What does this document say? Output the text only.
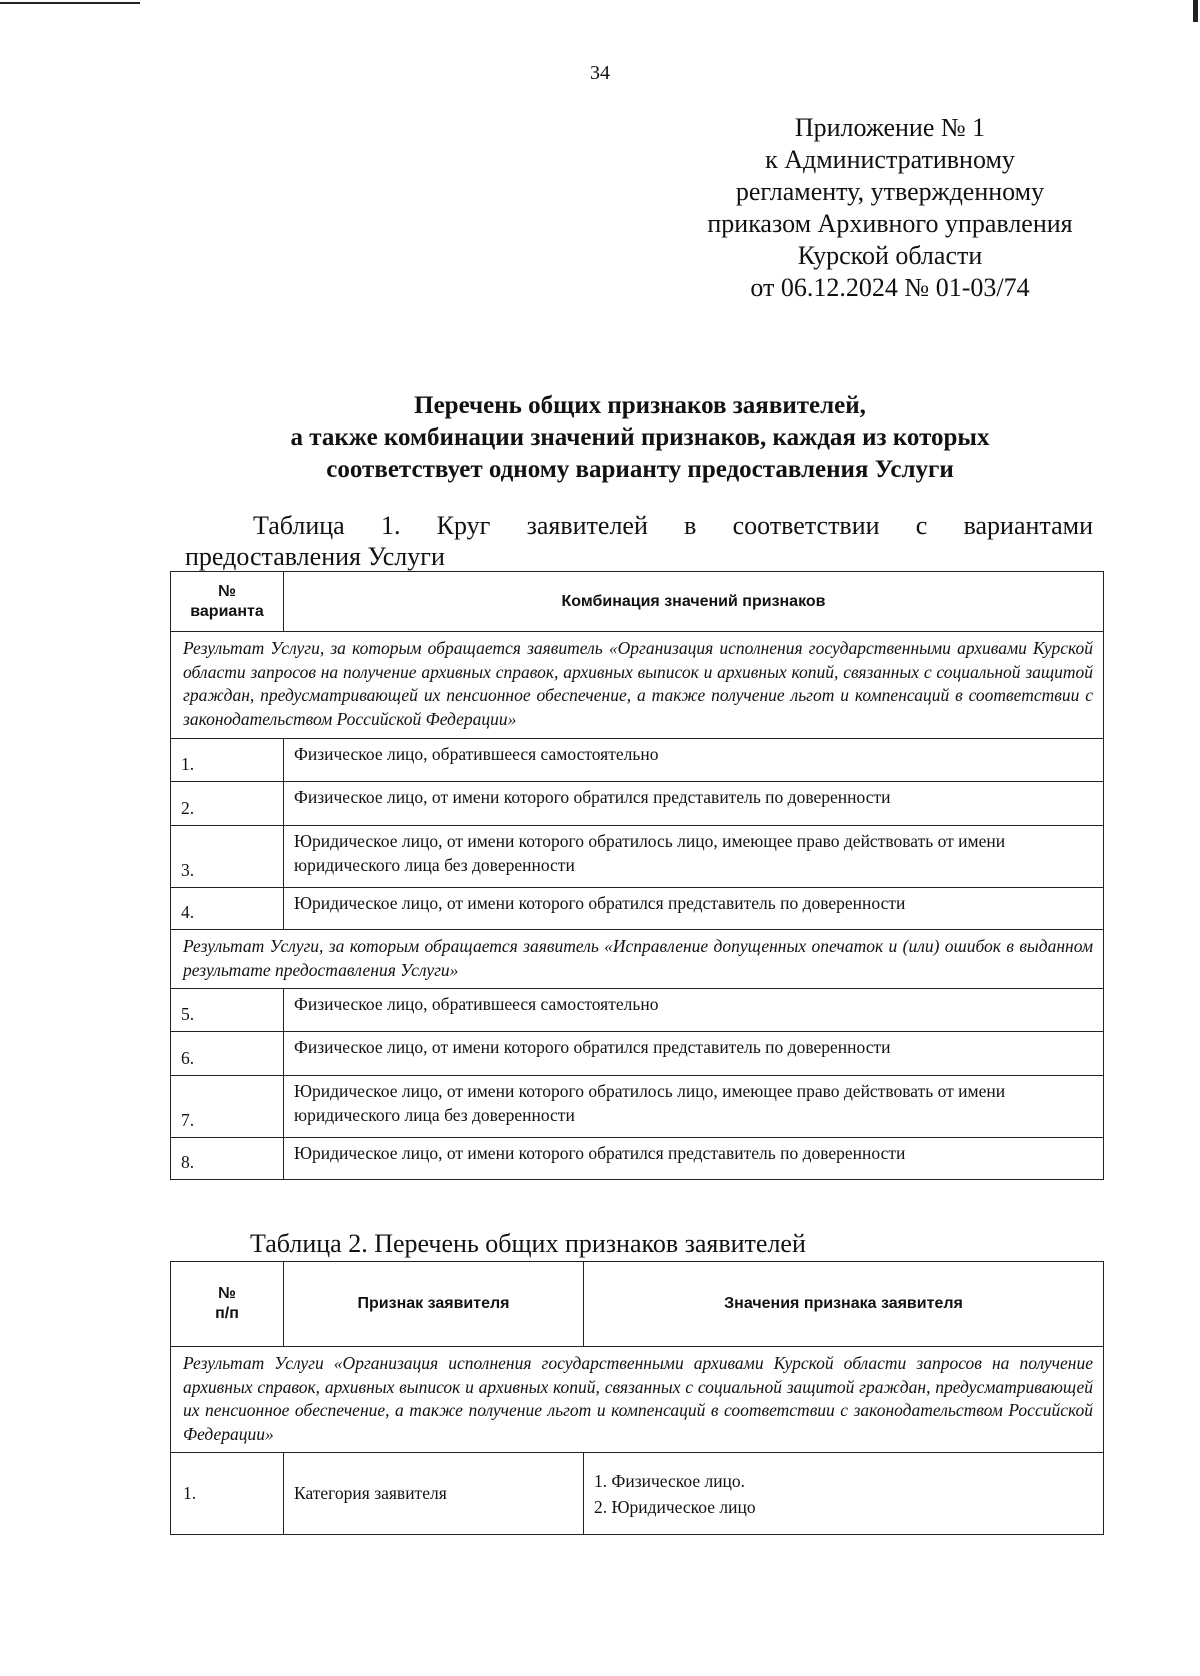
34
Приложение № 1
к Административному
регламенту, утвержденному
приказом Архивного управления
Курской области
от 06.12.2024 № 01-03/74
Перечень общих признаков заявителей,
а также комбинации значений признаков, каждая из которых
соответствует одному варианту предоставления Услуги
Таблица 1. Круг заявителей в соответствии с вариантами
предоставления Услуги
№
варианта	Комбинация значений признаков
Результат Услуги, за которым обращается заявитель «Организация исполнения государственными архивами Курской области запросов на получение архивных справок, архивных выписок и архивных копий, связанных с социальной защитой граждан, предусматривающей их пенсионное обеспечение, а также получение льгот и компенсаций в соответствии с законодательством Российской Федерации»	
1.	Физическое лицо, обратившееся самостоятельно
2.	Физическое лицо, от имени которого обратился представитель по доверенности
3.	Юридическое лицо, от имени которого обратилось лицо, имеющее право действовать от имени юридического лица без доверенности
4.	Юридическое лицо, от имени которого обратился представитель по доверенности
Результат Услуги, за которым обращается заявитель «Исправление допущенных опечаток и (или) ошибок в выданном результате предоставления Услуги»	
5.	Физическое лицо, обратившееся самостоятельно
6.	Физическое лицо, от имени которого обратился представитель по доверенности
7.	Юридическое лицо, от имени которого обратилось лицо, имеющее право действовать от имени юридического лица без доверенности
8.	Юридическое лицо, от имени которого обратился представитель по доверенности
Таблица 2. Перечень общих признаков заявителей
№
п/п	Признак заявителя	Значения признака заявителя
Результат Услуги «Организация исполнения государственными архивами Курской области запросов на получение архивных справок, архивных выписок и архивных копий, связанных с социальной защитой граждан, предусматривающей их пенсионное обеспечение, а также получение льгот и компенсаций в соответствии с законодательством Российской Федерации»		
1.	Категория заявителя	1. Физическое лицо.
2. Юридическое лицо
